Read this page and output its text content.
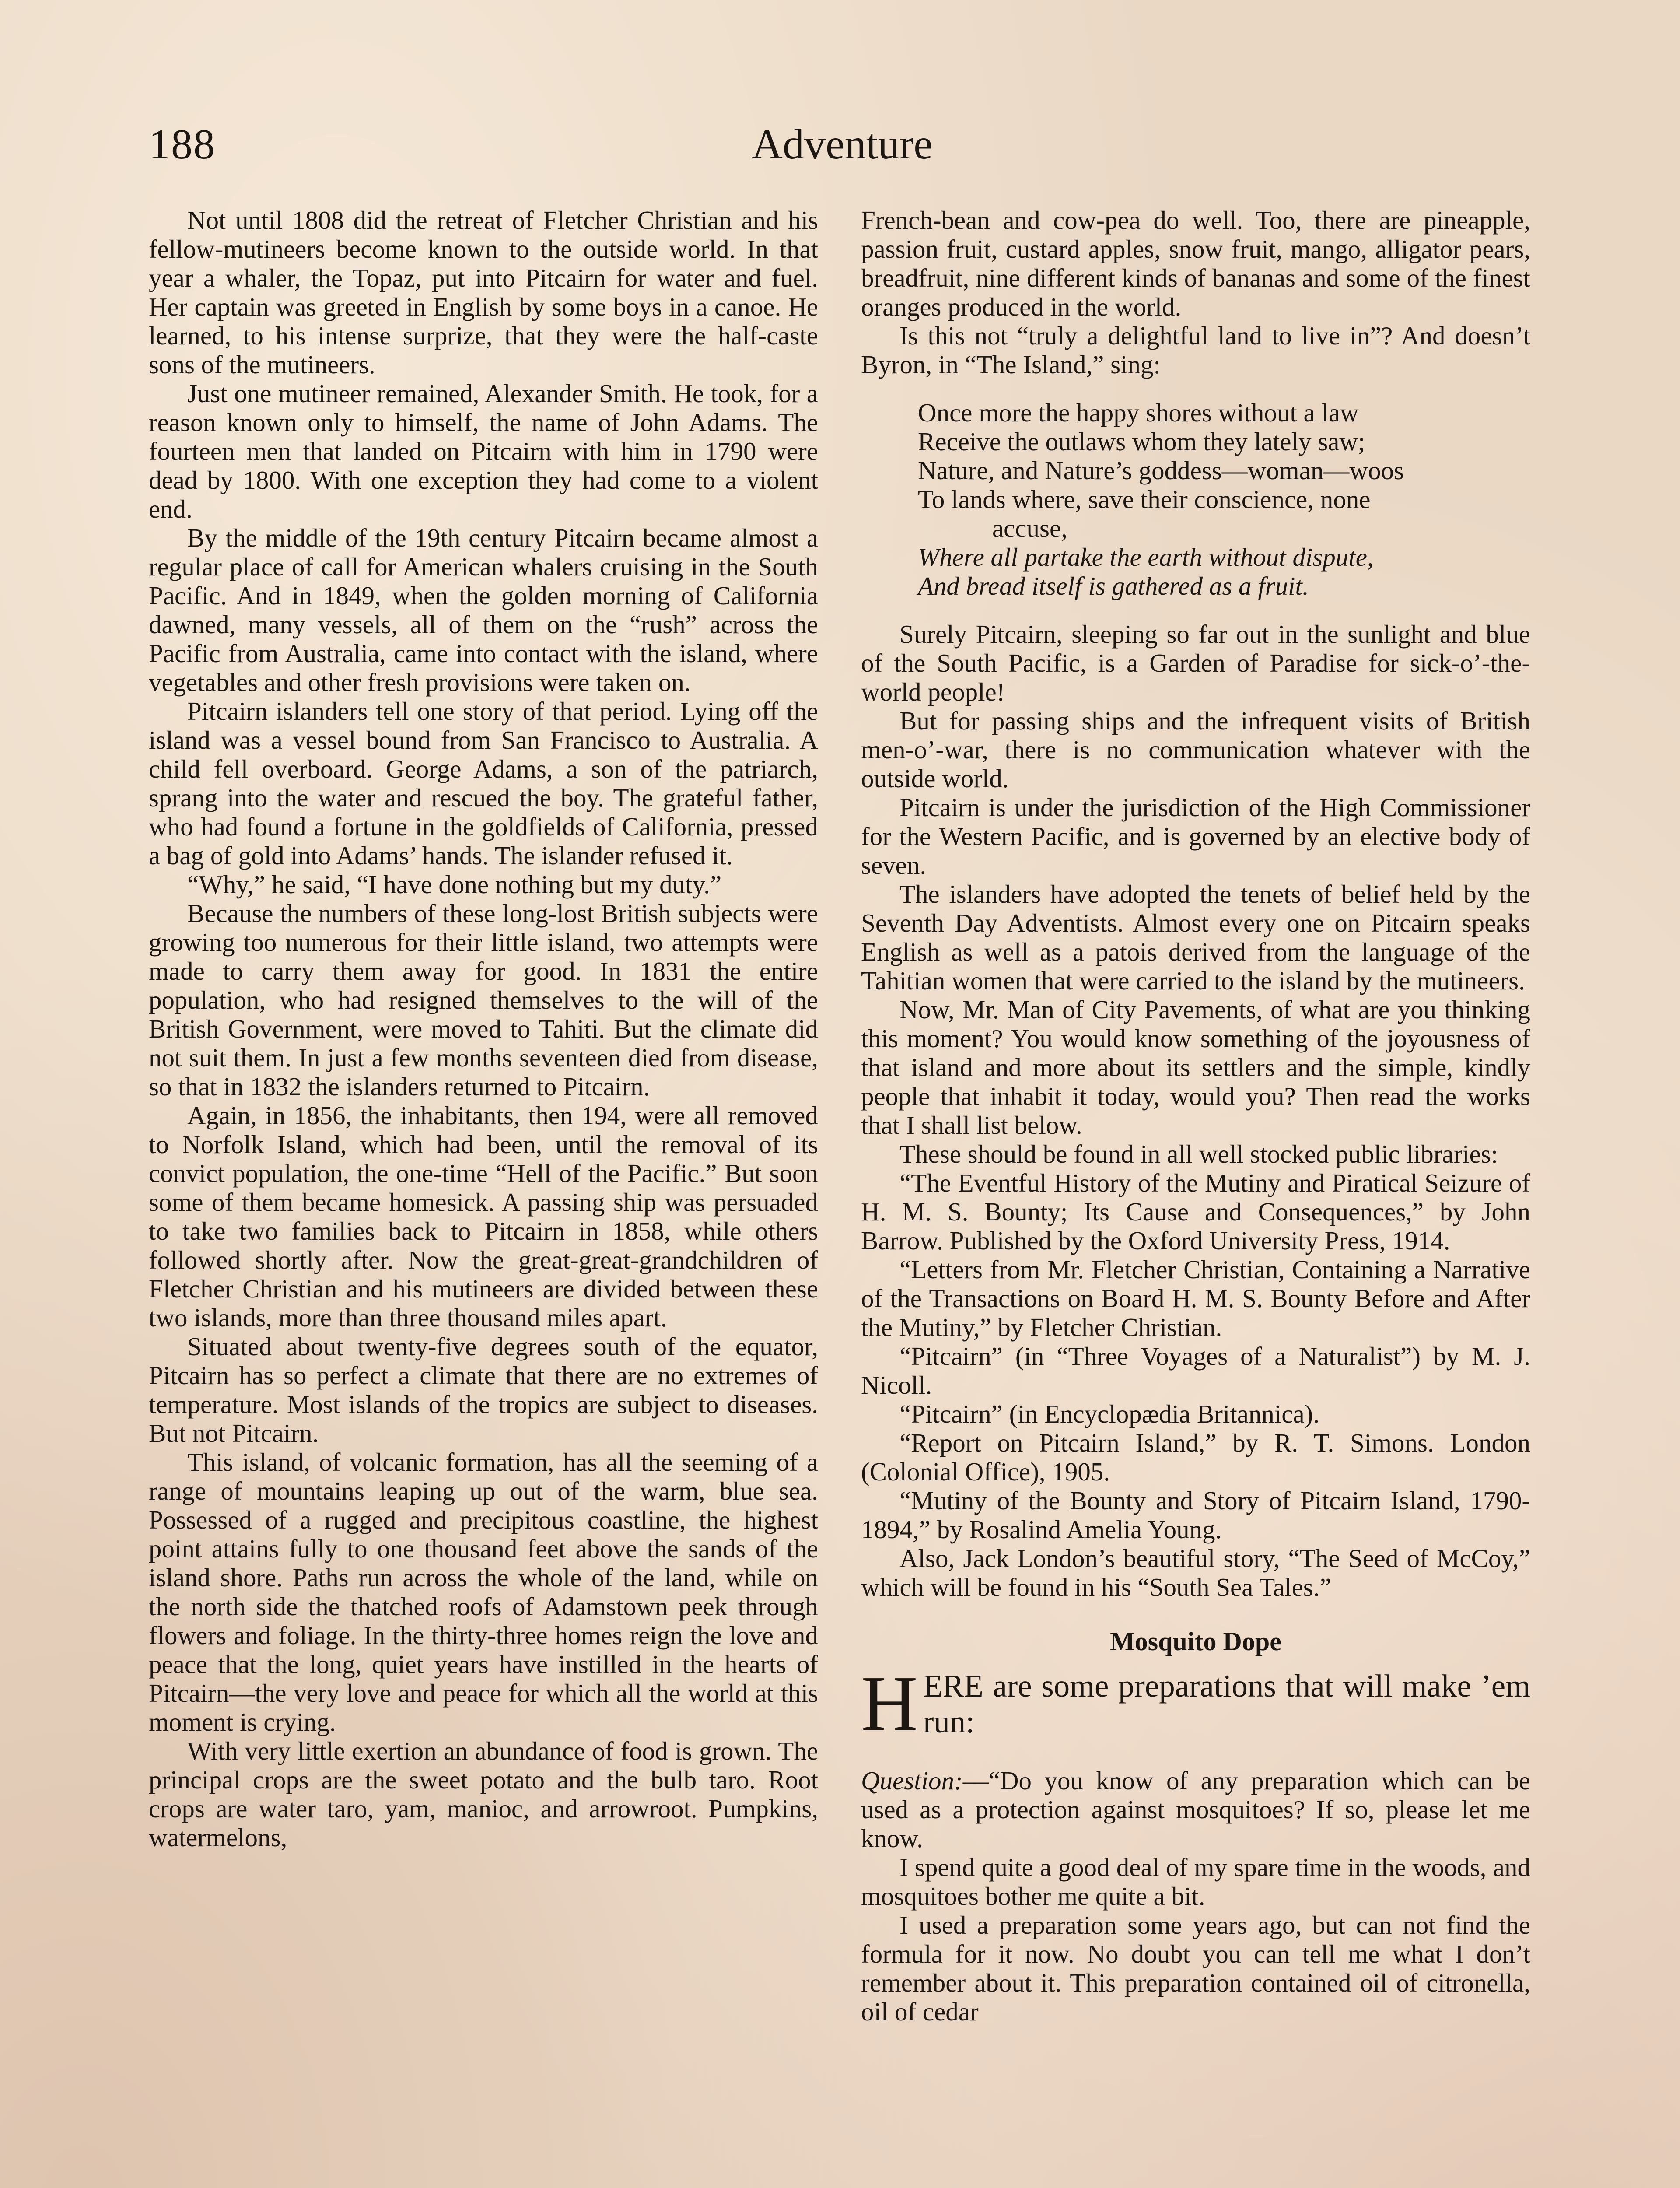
188	Adventure

Not until 1808 did the retreat of Fletcher Christian and his fellow-mutineers become known to the outside world. In that year a whaler, the Topaz, put into Pitcairn for water and fuel. Her captain was greeted in English by some boys in a canoe. He learned, to his intense surprize, that they were the half-caste sons of the mutineers.

Just one mutineer remained, Alexander Smith. He took, for a reason known only to himself, the name of John Adams. The fourteen men that landed on Pitcairn with him in 1790 were dead by 1800. With one exception they had come to a violent end.

By the middle of the 19th century Pitcairn became almost a regular place of call for American whalers cruising in the South Pacific. And in 1849, when the golden morning of California dawned, many vessels, all of them on the “rush” across the Pacific from Australia, came into contact with the island, where vegetables and other fresh provisions were taken on.

Pitcairn islanders tell one story of that period. Lying off the island was a vessel bound from San Francisco to Australia. A child fell overboard. George Adams, a son of the patriarch, sprang into the water and rescued the boy. The grateful father, who had found a fortune in the goldfields of California, pressed a bag of gold into Adams’ hands. The islander refused it.

“Why,” he said, “I have done nothing but my duty.”

Because the numbers of these long-lost British subjects were growing too numerous for their little island, two attempts were made to carry them away for good. In 1831 the entire population, who had resigned themselves to the will of the British Government, were moved to Tahiti. But the climate did not suit them. In just a few months seventeen died from disease, so that in 1832 the islanders returned to Pitcairn.

Again, in 1856, the inhabitants, then 194, were all removed to Norfolk Island, which had been, until the removal of its convict population, the one-time “Hell of the Pacific.” But soon some of them became homesick. A passing ship was persuaded to take two families back to Pitcairn in 1858, while others followed shortly after. Now the great-great-grandchildren of Fletcher Christian and his mutineers are divided between these two islands, more than three thousand miles apart.

Situated about twenty-five degrees south of the equator, Pitcairn has so perfect a climate that there are no extremes of temperature. Most islands of the tropics are subject to diseases. But not Pitcairn.

This island, of volcanic formation, has all the seeming of a range of mountains leaping up out of the warm, blue sea. Possessed of a rugged and precipitous coastline, the highest point attains fully to one thousand feet above the sands of the island shore. Paths run across the whole of the land, while on the north side the thatched roofs of Adamstown peek through flowers and foliage. In the thirty-three homes reign the love and peace that the long, quiet years have instilled in the hearts of Pitcairn—the very love and peace for which all the world at this moment is crying.

With very little exertion an abundance of food is grown. The principal crops are the sweet potato and the bulb taro. Root crops are water taro, yam, manioc, and arrowroot. Pumpkins, watermelons,

French-bean and cow-pea do well. Too, there are pineapple, passion fruit, custard apples, snow fruit, mango, alligator pears, breadfruit, nine different kinds of bananas and some of the finest oranges produced in the world.

Is this not “truly a delightful land to live in”? And doesn’t Byron, in “The Island,” sing:

Once more the happy shores without a law
Receive the outlaws whom they lately saw;
Nature, and Nature’s goddess—woman—woos
To lands where, save their conscience, none
accuse,
Where all partake the earth without dispute,
And bread itself is gathered as a fruit.

Surely Pitcairn, sleeping so far out in the sunlight and blue of the South Pacific, is a Garden of Paradise for sick-o’-the-world people!

But for passing ships and the infrequent visits of British men-o’-war, there is no communication whatever with the outside world.

Pitcairn is under the jurisdiction of the High Commissioner for the Western Pacific, and is governed by an elective body of seven.

The islanders have adopted the tenets of belief held by the Seventh Day Adventists. Almost every one on Pitcairn speaks English as well as a patois derived from the language of the Tahitian women that were carried to the island by the mutineers.

Now, Mr. Man of City Pavements, of what are you thinking this moment? You would know something of the joyousness of that island and more about its settlers and the simple, kindly people that inhabit it today, would you? Then read the works that I shall list below.

These should be found in all well stocked public libraries:

“The Eventful History of the Mutiny and Piratical Seizure of H. M. S. Bounty; Its Cause and Consequences,” by John Barrow. Published by the Oxford University Press, 1914.

“Letters from Mr. Fletcher Christian, Containing a Narrative of the Transactions on Board H. M. S. Bounty Before and After the Mutiny,” by Fletcher Christian.

“Pitcairn” (in “Three Voyages of a Naturalist”) by M. J. Nicoll.

“Pitcairn” (in Encyclopædia Britannica).

“Report on Pitcairn Island,” by R. T. Simons. London (Colonial Office), 1905.

“Mutiny of the Bounty and Story of Pitcairn Island, 1790-1894,” by Rosalind Amelia Young.

Also, Jack London’s beautiful story, “The Seed of McCoy,” which will be found in his “South Sea Tales.”

Mosquito Dope
H ERE are some preparations that will make ’em run:

Question:—“Do you know of any preparation which can be used as a protection against mosquitoes? If so, please let me know.

I spend quite a good deal of my spare time in the woods, and mosquitoes bother me quite a bit.

I used a preparation some years ago, but can not find the formula for it now. No doubt you can tell me what I don’t remember about it. This preparation contained oil of citronella, oil of cedar
